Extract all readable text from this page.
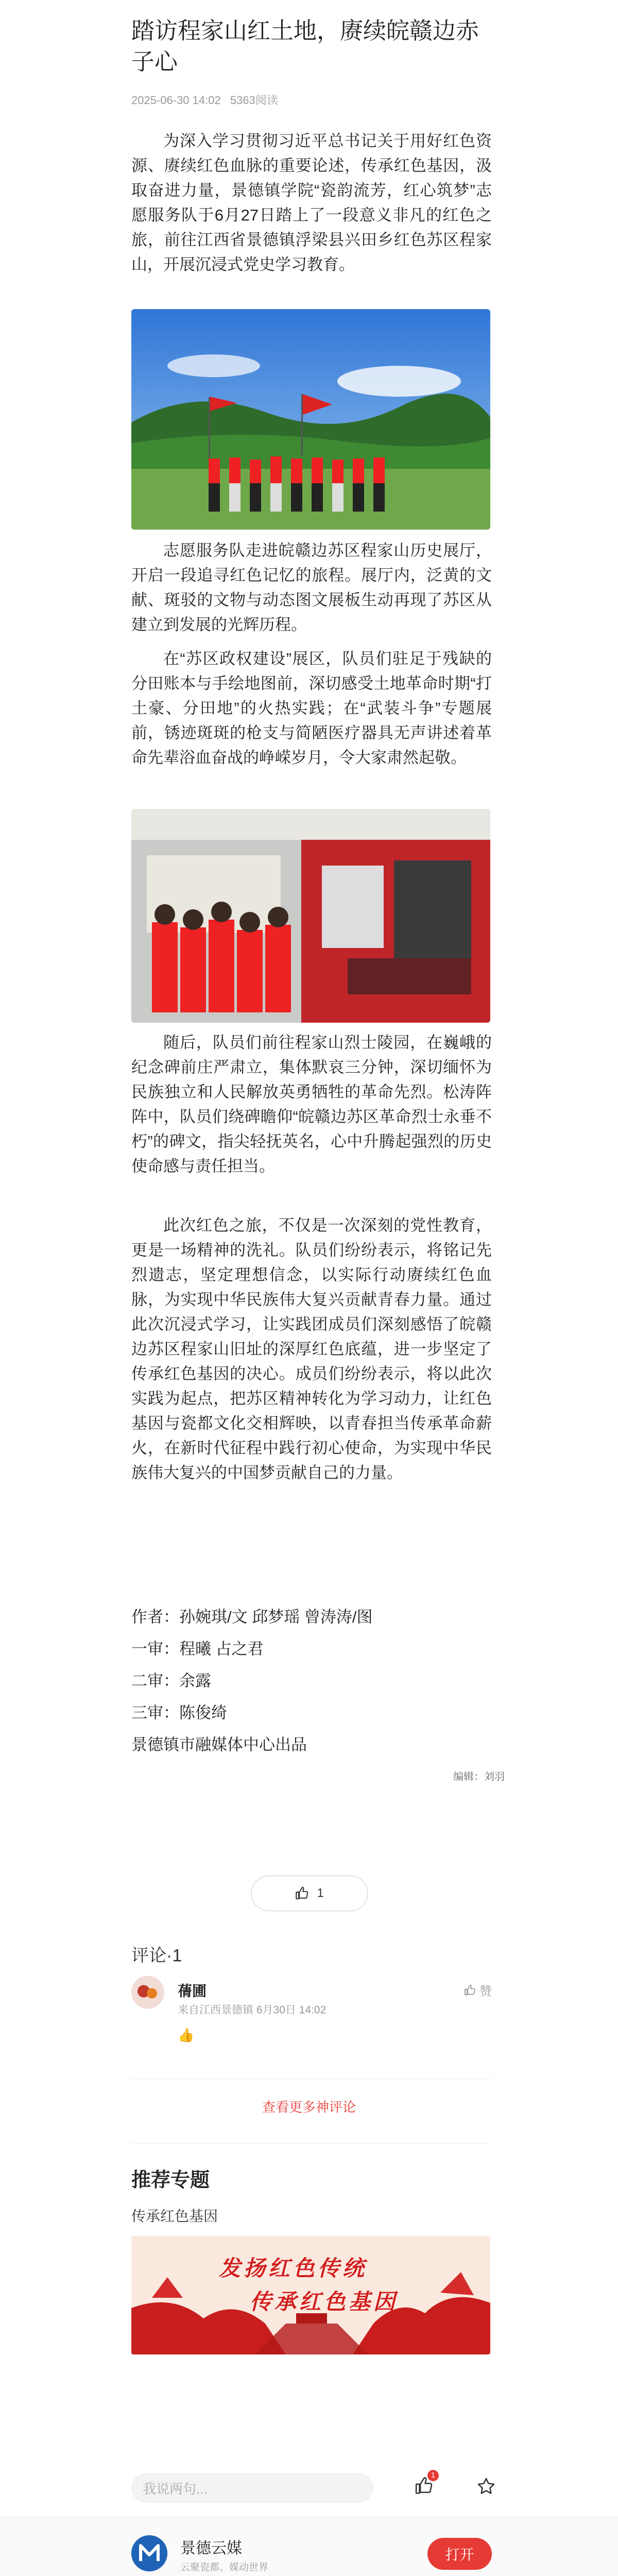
踏访程家山红土地，赓续皖赣边赤子心
2025-06-30 14:02 5363阅读

为深入学习贯彻习近平总书记关于用好红色资源、赓续红色血脉的重要论述，传承红色基因，汲取奋进力量，景德镇学院“瓷韵流芳，红心筑梦”志愿服务队于6月27日踏上了一段意义非凡的红色之旅，前往江西省景德镇浮梁县兴田乡红色苏区程家山，开展沉浸式党史学习教育。

志愿服务队走进皖赣边苏区程家山历史展厅，开启一段追寻红色记忆的旅程。展厅内，泛黄的文献、斑驳的文物与动态图文展板生动再现了苏区从建立到发展的光辉历程。

在“苏区政权建设”展区，队员们驻足于残缺的分田账本与手绘地图前，深切感受土地革命时期“打土豪、分田地”的火热实践；在“武装斗争”专题展前，锈迹斑斑的枪支与简陋医疗器具无声讲述着革命先辈浴血奋战的峥嵘岁月，令大家肃然起敬。

随后，队员们前往程家山烈士陵园，在巍峨的纪念碑前庄严肃立，集体默哀三分钟，深切缅怀为民族独立和人民解放英勇牺牲的革命先烈。松涛阵阵中，队员们绕碑瞻仰“皖赣边苏区革命烈士永垂不朽”的碑文，指尖轻抚英名，心中升腾起强烈的历史使命感与责任担当。

此次红色之旅，不仅是一次深刻的党性教育，更是一场精神的洗礼。队员们纷纷表示，将铭记先烈遗志，坚定理想信念，以实际行动赓续红色血脉，为实现中华民族伟大复兴贡献青春力量。通过此次沉浸式学习，让实践团成员们深刻感悟了皖赣边苏区程家山旧址的深厚红色底蕴，进一步坚定了传承红色基因的决心。成员们纷纷表示，将以此次实践为起点，把苏区精神转化为学习动力，让红色基因与瓷都文化交相辉映，以青春担当传承革命薪火，在新时代征程中践行初心使命，为实现中华民族伟大复兴的中国梦贡献自己的力量。

作者：孙婉琪/文 邱梦瑶 曾涛涛/图
一审：程曦 占之君
二审：余露
三审：陈俊绮
景德镇市融媒体中心出品
编辑：刘羽
1
评论·1
蒨圃
来自江西景德镇 6月30日 14:02
赞
👍
查看更多神评论
推荐专题
传承红色基因
发扬红色传统
传承红色基因
我说两句...
1
景德云媒
云聚瓷都、媒动世界
打开
